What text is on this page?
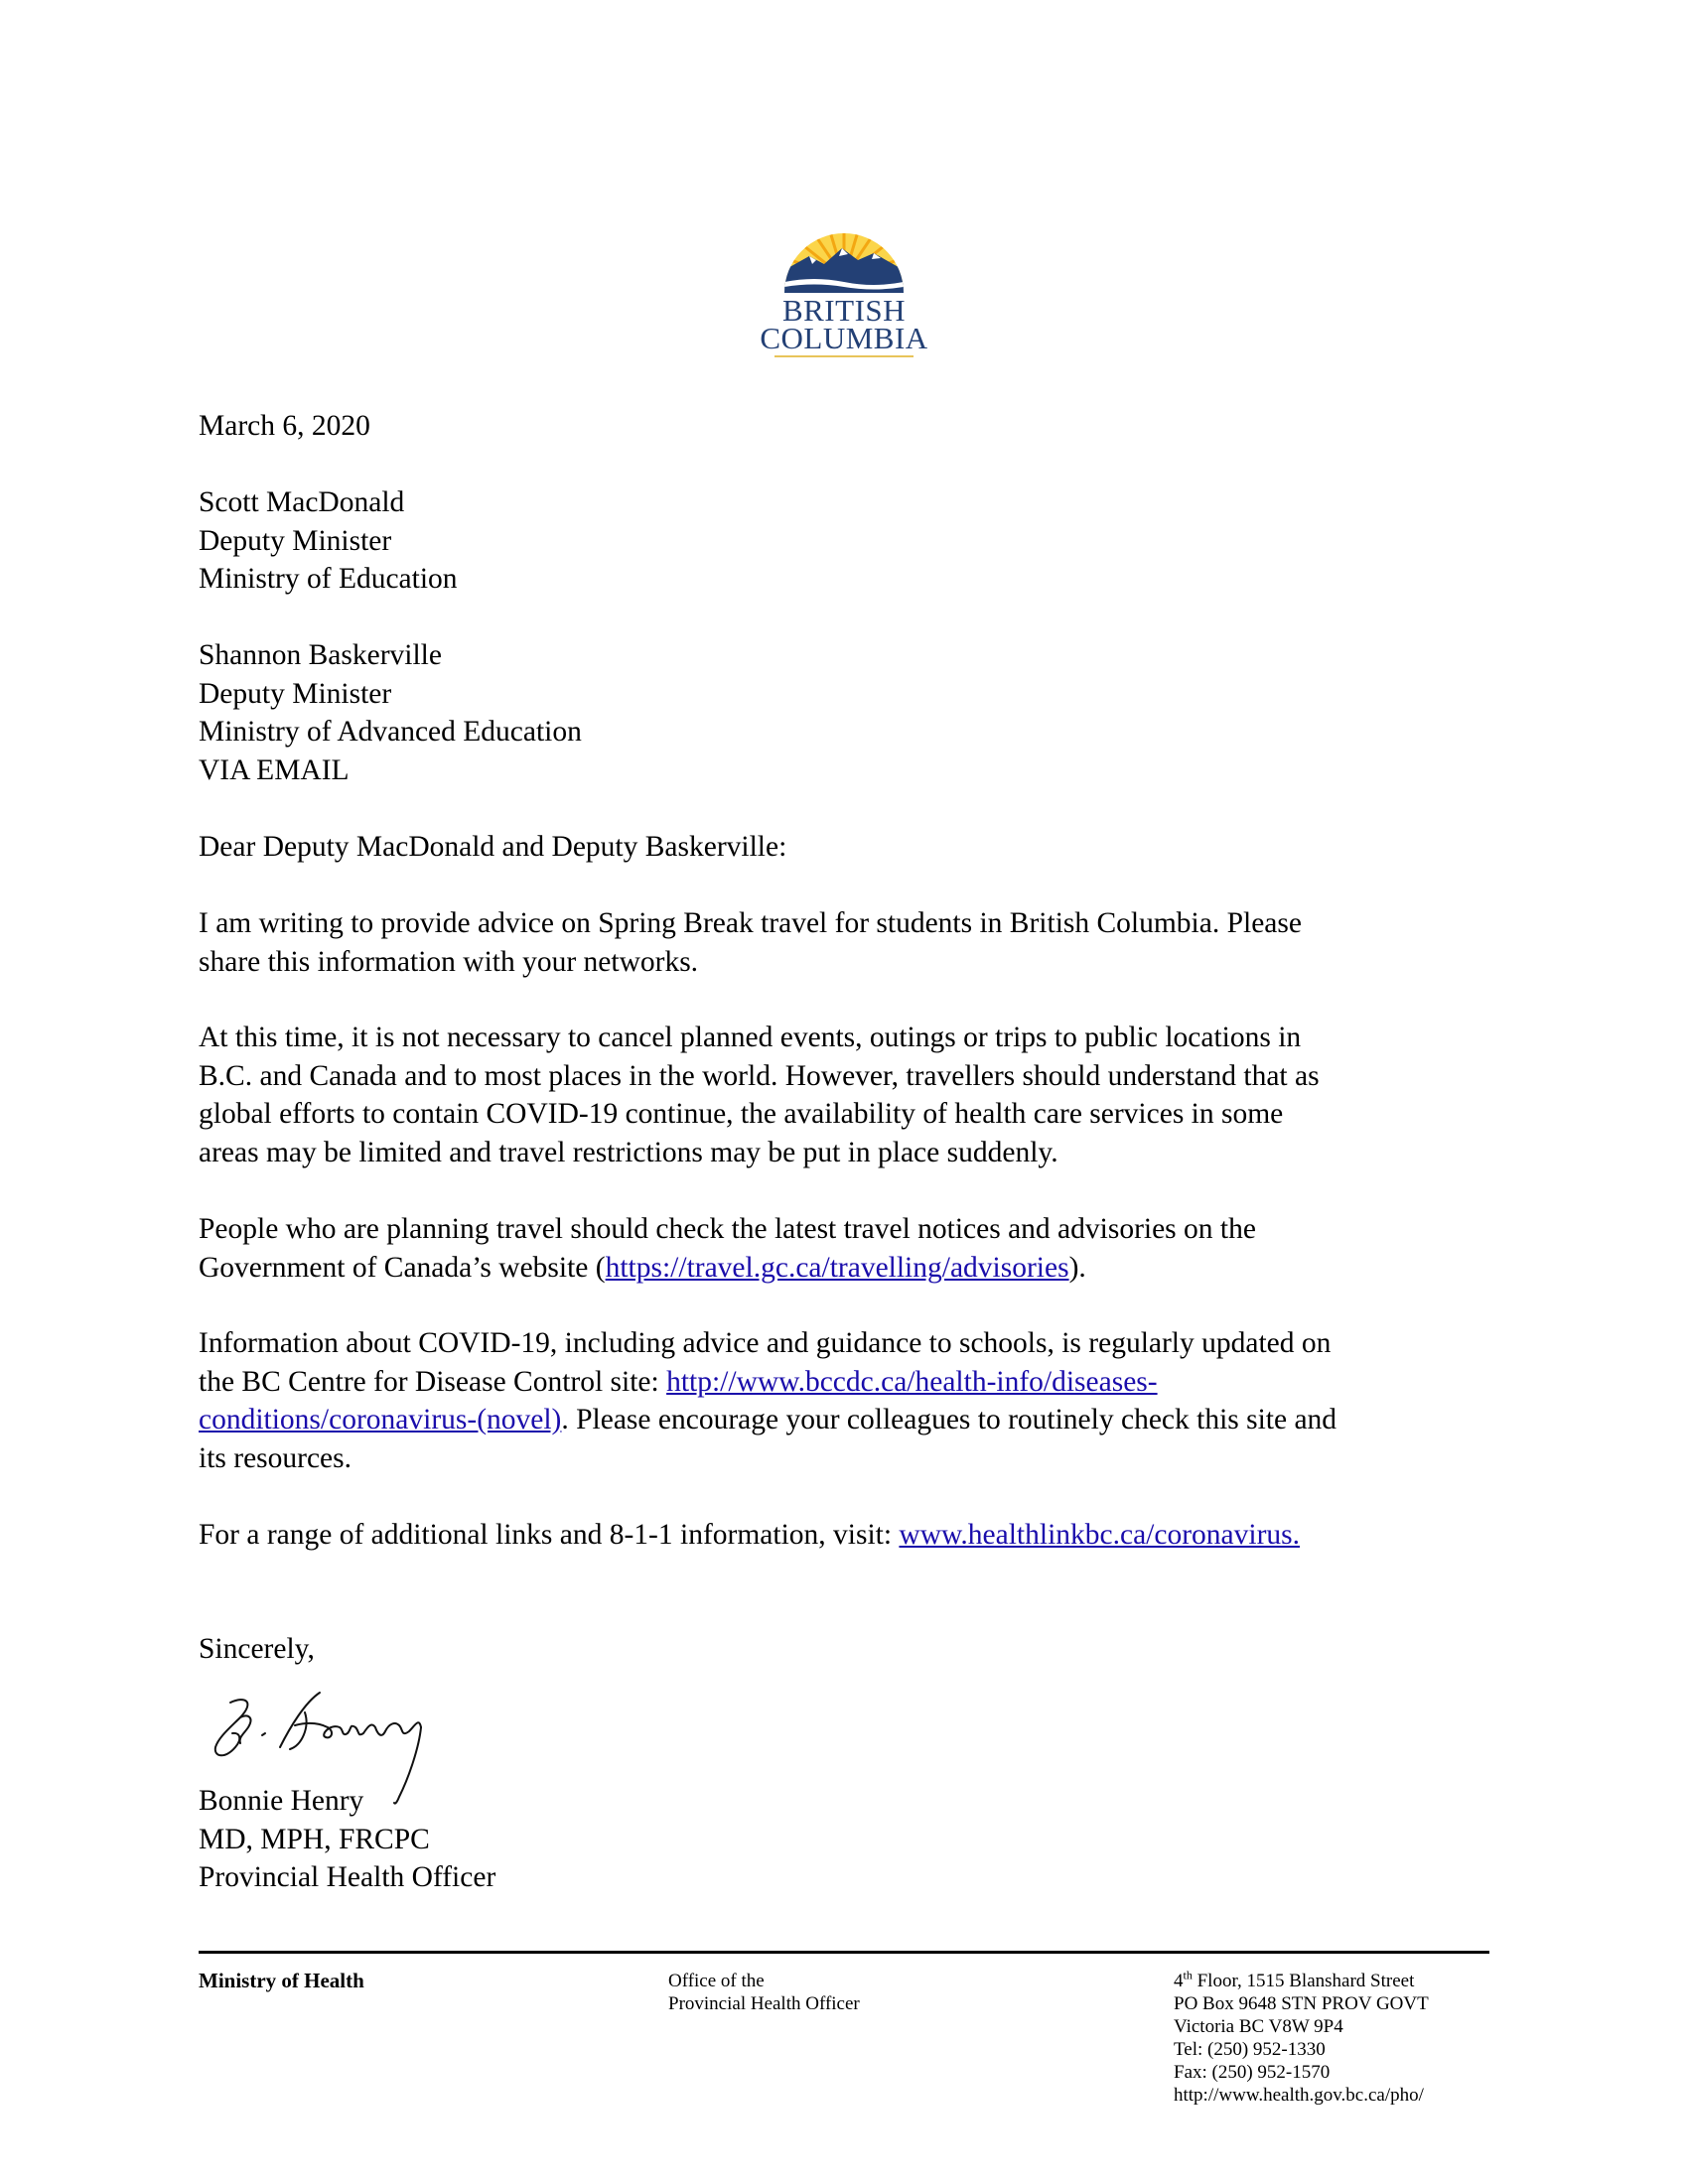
BRITISH
COLUMBIA
March 6, 2020
Scott MacDonald
Deputy Minister
Ministry of Education
Shannon Baskerville
Deputy Minister
Ministry of Advanced Education
VIA EMAIL
Dear Deputy MacDonald and Deputy Baskerville:
I am writing to provide advice on Spring Break travel for students in British Columbia. Please
share this information with your networks.
At this time, it is not necessary to cancel planned events, outings or trips to public locations in
B.C. and Canada and to most places in the world. However, travellers should understand that as
global efforts to contain COVID-19 continue, the availability of health care services in some
areas may be limited and travel restrictions may be put in place suddenly.
People who are planning travel should check the latest travel notices and advisories on the
Government of Canada’s website (https://travel.gc.ca/travelling/advisories).
Information about COVID-19, including advice and guidance to schools, is regularly updated on
the BC Centre for Disease Control site: http://www.bccdc.ca/health-info/diseases-
conditions/coronavirus-(novel). Please encourage your colleagues to routinely check this site and
its resources.
For a range of additional links and 8-1-1 information, visit: www.healthlinkbc.ca/coronavirus.
Sincerely,
Bonnie Henry
MD, MPH, FRCPC
Provincial Health Officer
Ministry of Health	Office of the
Provincial Health Officer
4th Floor, 1515 Blanshard Street
PO Box 9648 STN PROV GOVT
Victoria BC V8W 9P4
Tel: (250) 952-1330
Fax: (250) 952-1570
http://www.health.gov.bc.ca/pho/
